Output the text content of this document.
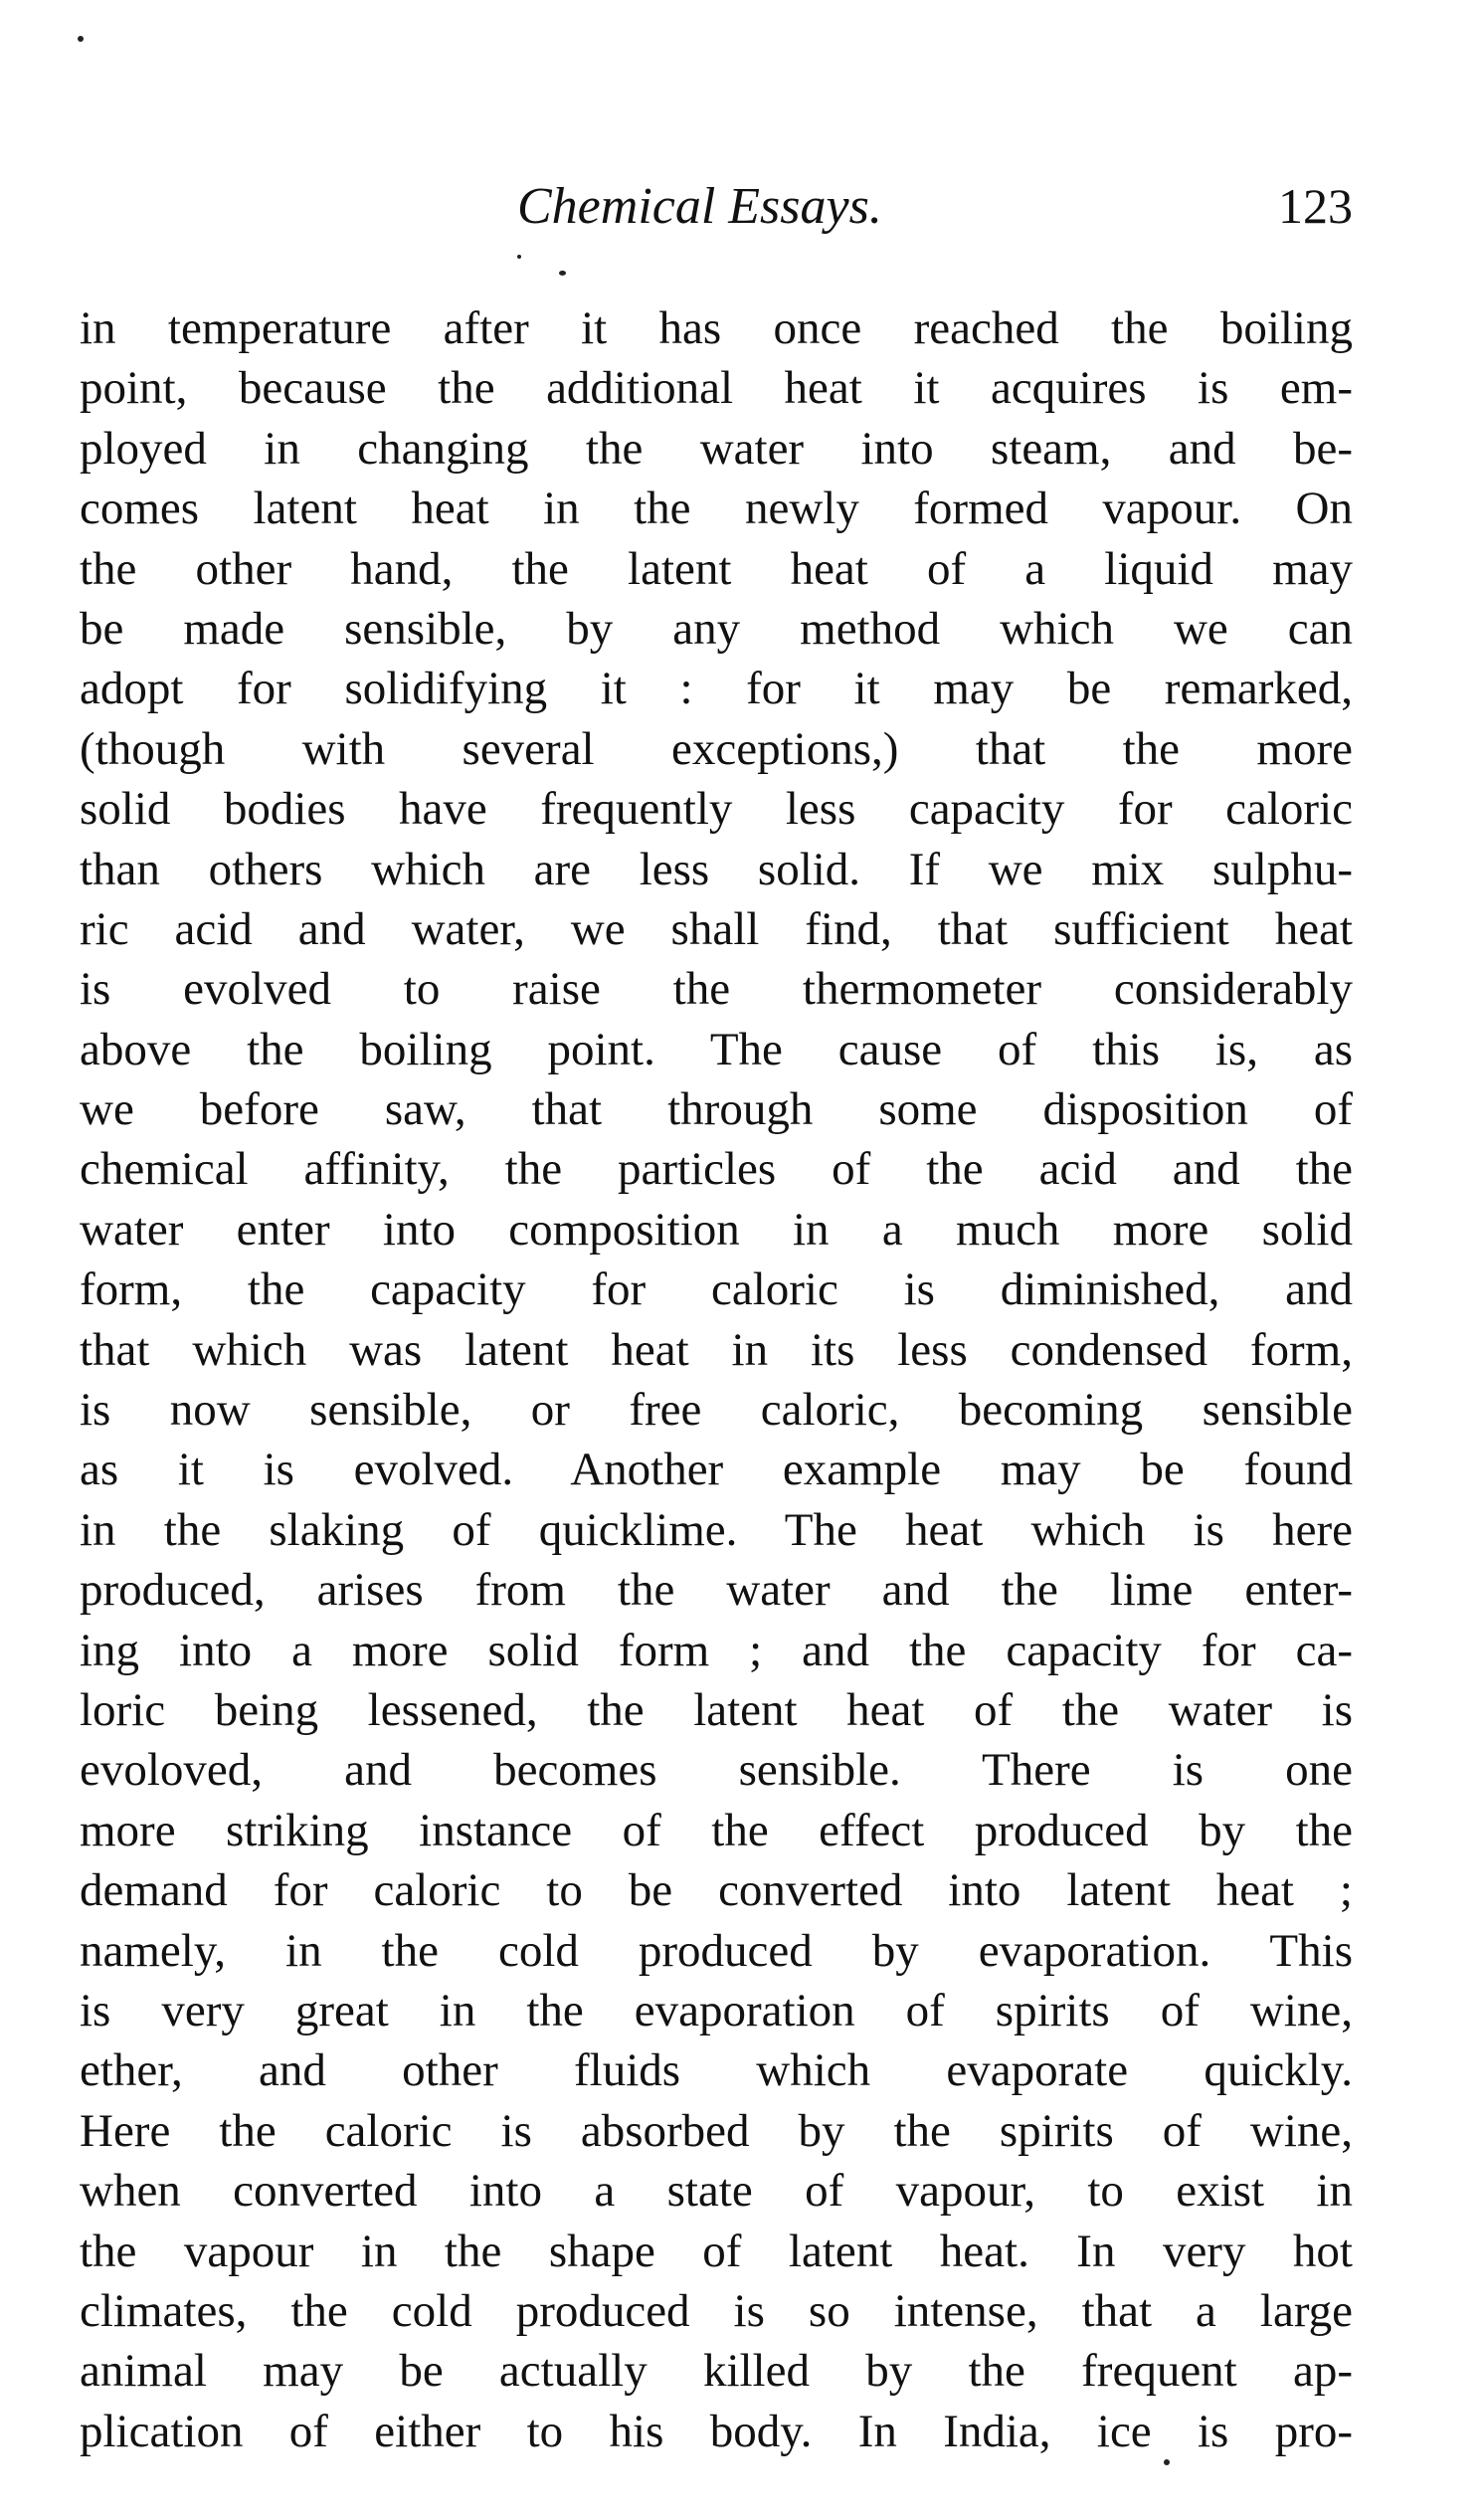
Chemical Essays.	123
in temperature after it has once reached the boiling
point, because the additional heat it acquires is em-
ployed in changing the water into steam, and be-
comes latent heat in the newly formed vapour. On
the other hand, the latent heat of a liquid may
be made sensible, by any method which we can
adopt for solidifying it : for it may be remarked,
(though with several exceptions,) that the more
solid bodies have frequently less capacity for caloric
than others which are less solid. If we mix sulphu-
ric acid and water, we shall find, that sufficient heat
is evolved to raise the thermometer considerably
above the boiling point. The cause of this is, as
we before saw, that through some disposition of
chemical affinity, the particles of the acid and the
water enter into composition in a much more solid
form, the capacity for caloric is diminished, and
that which was latent heat in its less condensed form,
is now sensible, or free caloric, becoming sensible
as it is evolved. Another example may be found
in the slaking of quicklime. The heat which is here
produced, arises from the water and the lime enter-
ing into a more solid form ; and the capacity for ca-
loric being lessened, the latent heat of the water is
evoloved, and becomes sensible. There is one
more striking instance of the effect produced by the
demand for caloric to be converted into latent heat ;
namely, in the cold produced by evaporation. This
is very great in the evaporation of spirits of wine,
ether, and other fluids which evaporate quickly.
Here the caloric is absorbed by the spirits of wine,
when converted into a state of vapour, to exist in
the vapour in the shape of latent heat. In very hot
climates, the cold produced is so intense, that a large
animal may be actually killed by the frequent ap-
plication of either to his body. In India, ice is pro-
